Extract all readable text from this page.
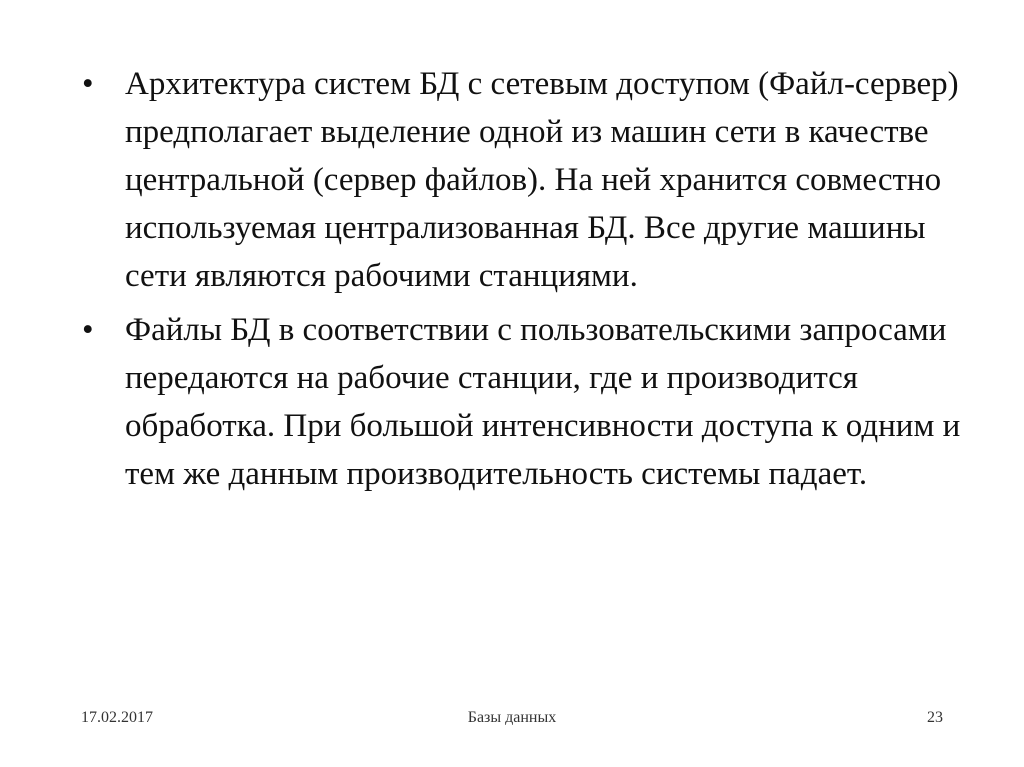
• Архитектура систем БД с сетевым доступом (Файл-сервер) предполагает выделение одной из машин сети в качестве центральной (сервер файлов). На ней хранится совместно используемая централизованная БД. Все другие машины сети являются рабочими станциями.
• Файлы БД в соответствии с пользовательскими запросами передаются на рабочие станции, где и производится обработка. При большой интенсивности доступа к одним и тем же данным производительность системы падает.
17.02.2017	Базы данных	23
